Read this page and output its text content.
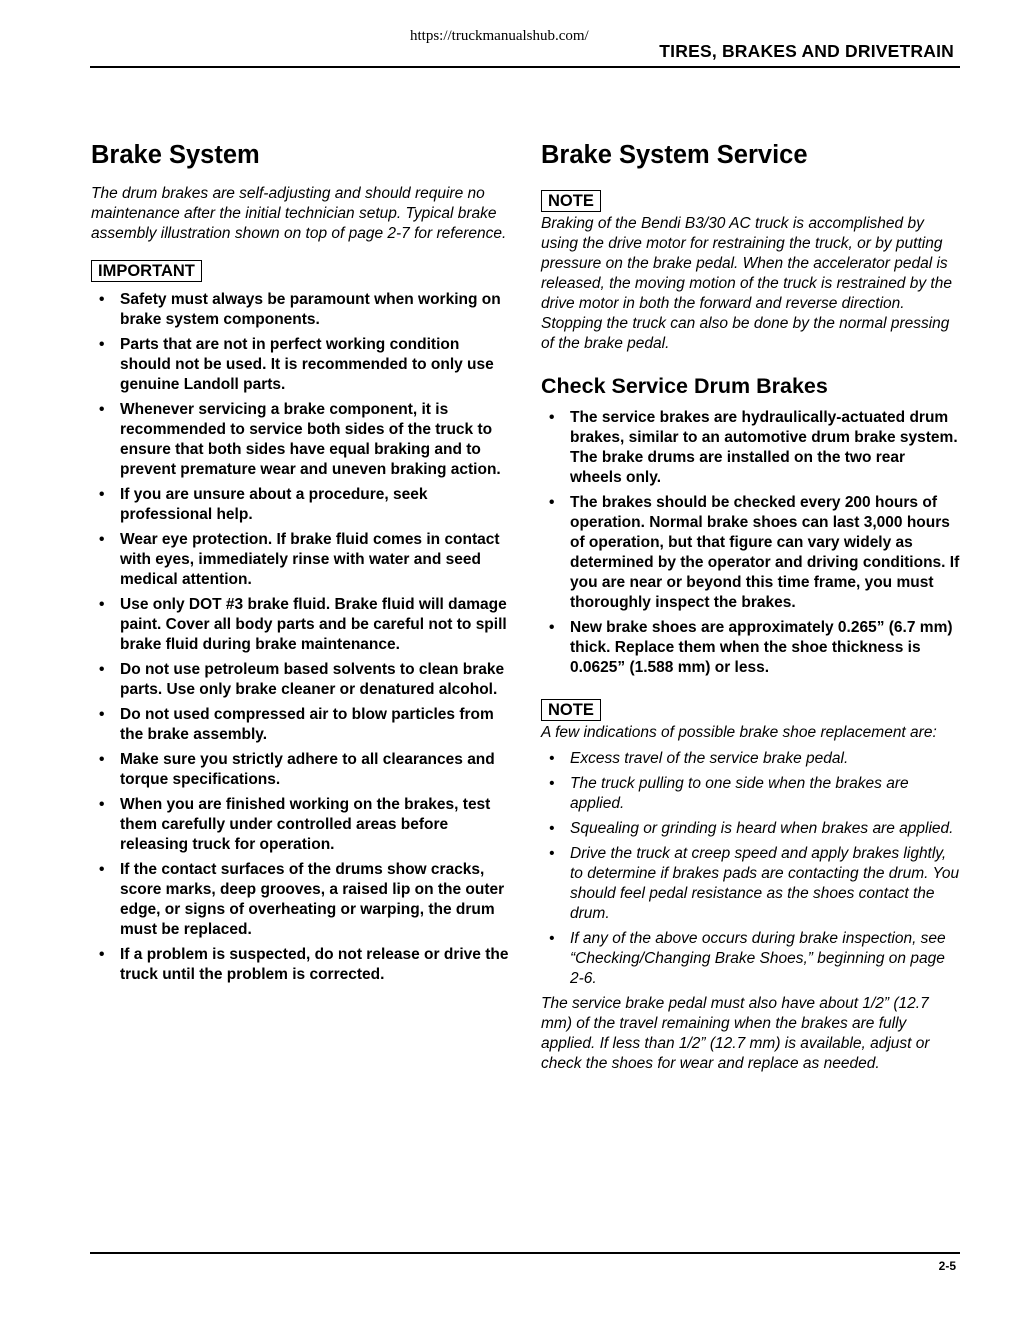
https://truckmanualshub.com/
TIRES, BRAKES AND DRIVETRAIN
Brake System

The drum brakes are self-adjusting and should require no maintenance after the initial technician setup. Typical brake assembly illustration shown on top of page 2-7 for reference.

IMPORTANT
• Safety must always be paramount when working on brake system components.
• Parts that are not in perfect working condition should not be used. It is recommended to only use genuine Landoll parts.
• Whenever servicing a brake component, it is recommended to service both sides of the truck to ensure that both sides have equal braking and to prevent premature wear and uneven braking action.
• If you are unsure about a procedure, seek professional help.
• Wear eye protection. If brake fluid comes in contact with eyes, immediately rinse with water and seed medical attention.
• Use only DOT #3 brake fluid. Brake fluid will damage paint. Cover all body parts and be careful not to spill brake fluid during brake maintenance.
• Do not use petroleum based solvents to clean brake parts. Use only brake cleaner or denatured alcohol.
• Do not used compressed air to blow particles from the brake assembly.
• Make sure you strictly adhere to all clearances and torque specifications.
• When you are finished working on the brakes, test them carefully under controlled areas before releasing truck for operation.
• If the contact surfaces of the drums show cracks, score marks, deep grooves, a raised lip on the outer edge, or signs of overheating or warping, the drum must be replaced.
• If a problem is suspected, do not release or drive the truck until the problem is corrected.
Brake System Service
NOTE

Braking of the Bendi B3/30 AC truck is accomplished by using the drive motor for restraining the truck, or by putting pressure on the brake pedal. When the accelerator pedal is released, the moving motion of the truck is restrained by the drive motor in both the forward and reverse direction. Stopping the truck can also be done by the normal pressing of the brake pedal.

Check Service Drum Brakes
• The service brakes are hydraulically-actuated drum brakes, similar to an automotive drum brake system. The brake drums are installed on the two rear wheels only.
• The brakes should be checked every 200 hours of operation. Normal brake shoes can last 3,000 hours of operation, but that figure can vary widely as determined by the operator and driving conditions. If you are near or beyond this time frame, you must thoroughly inspect the brakes.
• New brake shoes are approximately 0.265” (6.7 mm) thick. Replace them when the shoe thickness is 0.0625” (1.588 mm) or less.
NOTE

A few indications of possible brake shoe replacement are:

• Excess travel of the service brake pedal.
• The truck pulling to one side when the brakes are applied.
• Squealing or grinding is heard when brakes are applied.
• Drive the truck at creep speed and apply brakes lightly, to determine if brakes pads are contacting the drum. You should feel pedal resistance as the shoes contact the drum.
• If any of the above occurs during brake inspection, see “Checking/Changing Brake Shoes,” beginning on page 2-6.

The service brake pedal must also have about 1/2” (12.7 mm) of the travel remaining when the brakes are fully applied. If less than 1/2” (12.7 mm) is available, adjust or check the shoes for wear and replace as needed.

2-5
